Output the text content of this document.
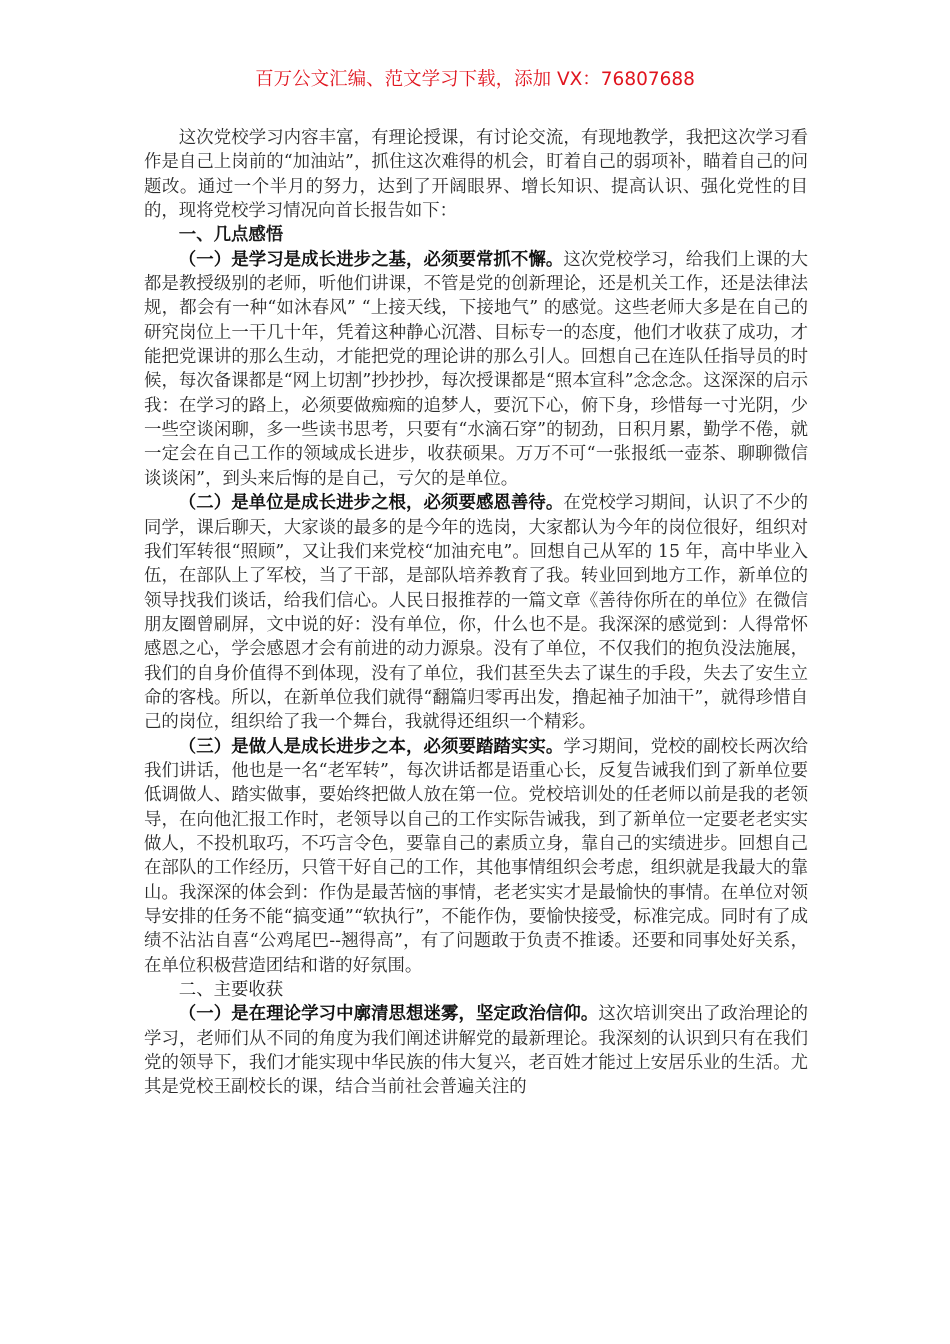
百万公文汇编、范文学习下载，添加 VX：76807688

这次党校学习内容丰富，有理论授课，有讨论交流，有现地教学，我把这次学习看作是自己上岗前的“加油站”，抓住这次难得的机会，盯着自己的弱项补，瞄着自己的问题改。通过一个半月的努力，达到了开阔眼界、增长知识、提高认识、强化党性的目的，现将党校学习情况向首长报告如下：

一、几点感悟

（一）是学习是成长进步之基，必须要常抓不懈。这次党校学习，给我们上课的大都是教授级别的老师，听他们讲课，不管是党的创新理论，还是机关工作，还是法律法规，都会有一种“如沐春风” “上接天线，下接地气” 的感觉。这些老师大多是在自己的研究岗位上一干几十年，凭着这种静心沉潜、目标专一的态度，他们才收获了成功，才能把党课讲的那么生动，才能把党的理论讲的那么引人。回想自己在连队任指导员的时候，每次备课都是“网上切割”抄抄抄，每次授课都是“照本宣科”念念念。这深深的启示我：在学习的路上，必须要做痴痴的追梦人，要沉下心，俯下身，珍惜每一寸光阴，少一些空谈闲聊，多一些读书思考，只要有“水滴石穿”的韧劲，日积月累，勤学不倦，就一定会在自己工作的领域成长进步，收获硕果。万万不可“一张报纸一壶茶、聊聊微信谈谈闲”，到头来后悔的是自己，亏欠的是单位。

（二）是单位是成长进步之根，必须要感恩善待。在党校学习期间，认识了不少的同学，课后聊天，大家谈的最多的是今年的选岗，大家都认为今年的岗位很好，组织对我们军转很“照顾”，又让我们来党校“加油充电”。回想自己从军的 15 年，高中毕业入伍，在部队上了军校，当了干部，是部队培养教育了我。转业回到地方工作，新单位的领导找我们谈话，给我们信心。人民日报推荐的一篇文章《善待你所在的单位》在微信朋友圈曾刷屏，文中说的好：没有单位，你，什么也不是。我深深的感觉到：人得常怀感恩之心，学会感恩才会有前进的动力源泉。没有了单位，不仅我们的抱负没法施展，我们的自身价值得不到体现，没有了单位，我们甚至失去了谋生的手段，失去了安生立命的客栈。所以，在新单位我们就得“翻篇归零再出发，撸起袖子加油干”，就得珍惜自己的岗位，组织给了我一个舞台，我就得还组织一个精彩。

（三）是做人是成长进步之本，必须要踏踏实实。学习期间，党校的副校长两次给我们讲话，他也是一名“老军转”，每次讲话都是语重心长，反复告诫我们到了新单位要低调做人、踏实做事，要始终把做人放在第一位。党校培训处的任老师以前是我的老领导，在向他汇报工作时，老领导以自己的工作实际告诫我，到了新单位一定要老老实实做人，不投机取巧，不巧言令色，要靠自己的素质立身，靠自己的实绩进步。回想自己在部队的工作经历，只管干好自己的工作，其他事情组织会考虑，组织就是我最大的靠山。我深深的体会到：作伪是最苦恼的事情，老老实实才是最愉快的事情。在单位对领导安排的任务不能“搞变通”“软执行”，不能作伪，要愉快接受，标准完成。同时有了成绩不沾沾自喜“公鸡尾巴--翘得高”，有了问题敢于负责不推诿。还要和同事处好关系，在单位积极营造团结和谐的好氛围。

二、主要收获

（一）是在理论学习中廓清思想迷雾，坚定政治信仰。这次培训突出了政治理论的学习，老师们从不同的角度为我们阐述讲解党的最新理论。我深刻的认识到只有在我们党的领导下，我们才能实现中华民族的伟大复兴，老百姓才能过上安居乐业的生活。尤其是党校王副校长的课，结合当前社会普遍关注的
